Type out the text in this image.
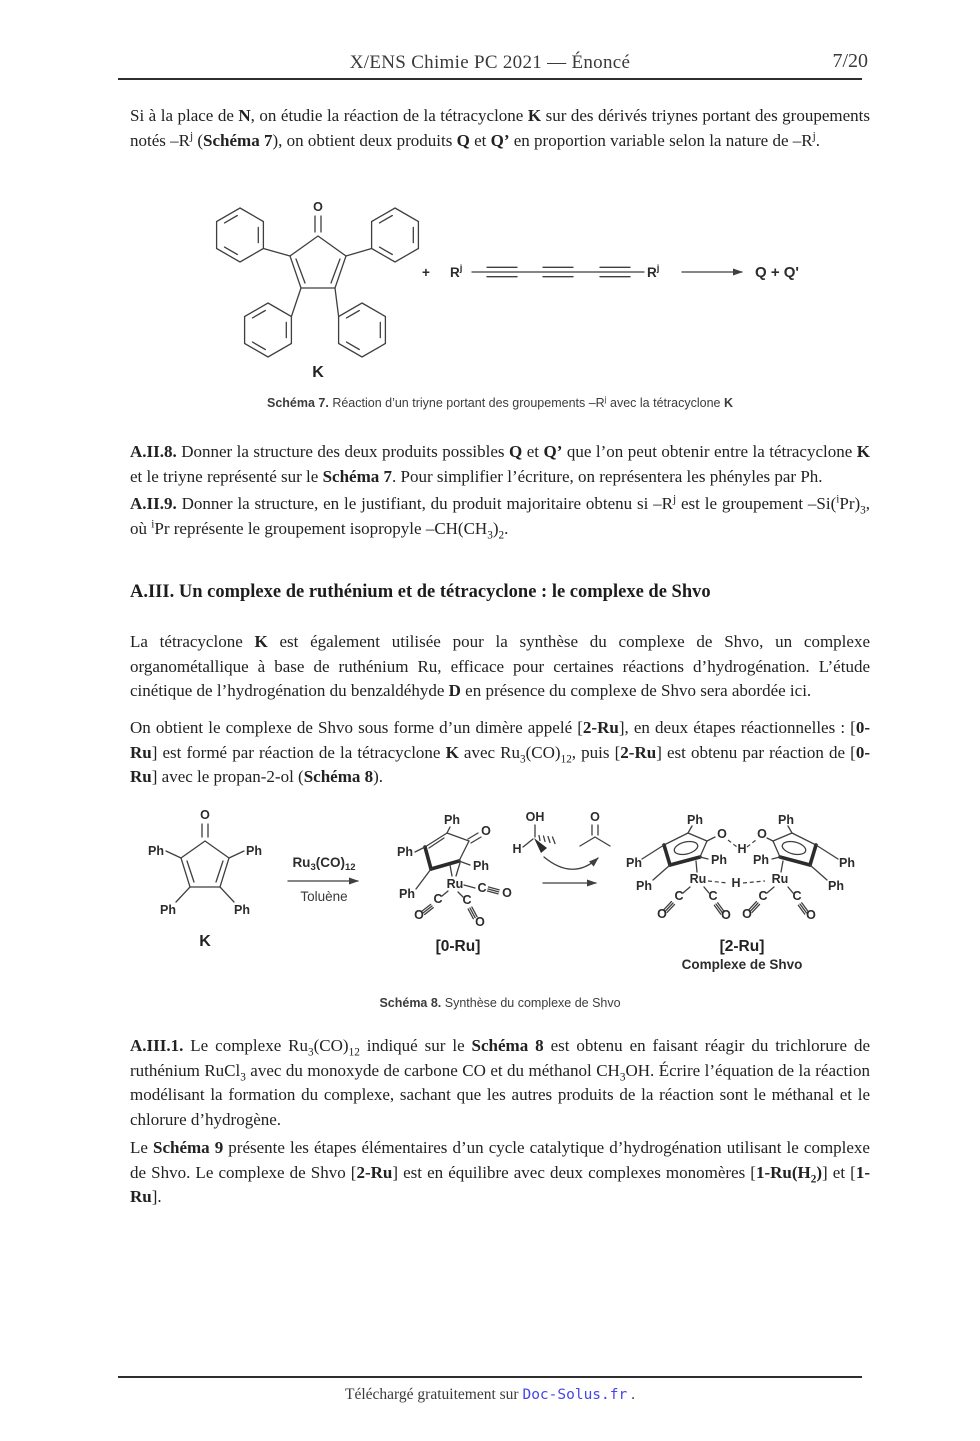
X/ENS Chimie PC 2021 — Énoncé	7/20
Si à la place de N, on étudie la réaction de la tétracyclone K sur des dérivés triynes portant des groupements notés $-R^j$ (Schéma 7), on obtient deux produits Q et Q’ en proportion variable selon la nature de $-R^j$.
O
K
+ $R^j$	$R^j$	Q + Q'
Schéma 7. Réaction d’un triyne portant des groupements $-R^j$ avec la tétracyclone K
A.II.8. Donner la structure des deux produits possibles Q et Q’ que l’on peut obtenir entre la tétracyclone K et le triyne représenté sur le Schéma 7. Pour simplifier l’écriture, on représentera les phényles par Ph.
A.II.9. Donner la structure, en le justifiant, du produit majoritaire obtenu si $-R^j$ est le groupement $-Si(^iPr)_3$, où $^i$Pr représente le groupement isopropyle $-CH(CH_3)_2$.
A.III. Un complexe de ruthénium et de tétracyclone : le complexe de Shvo
La tétracyclone K est également utilisée pour la synthèse du complexe de Shvo, un complexe organométallique à base de ruthénium Ru, efficace pour certaines réactions d’hydrogénation. L’étude cinétique de l’hydrogénation du benzaldéhyde D en présence du complexe de Shvo sera abordée ici.
On obtient le complexe de Shvo sous forme d’un dimère appelé [2-Ru], en deux étapes réactionnelles : [0-Ru] est formé par réaction de la tétracyclone K avec $Ru_3(CO)_{12}$, puis [2-Ru] est obtenu par réaction de [0-Ru] avec le propan-2-ol (Schéma 8).
O
Ph	Ph
Ph	Ph
K
$Ru_3(CO)_{12}$
Toluène
O
Ph
Ph
Ph
Ph
Ru C O
C
O
C
O
[0-Ru]
OH
H
O	Ph
Ph
Ph
Ph
O
H
O
Ph
Ph
Ph
Ph
Ru H Ru
C
O
C
O
C
O
C
O
[2-Ru]
Complexe de Shvo
Schéma 8. Synthèse du complexe de Shvo
A.III.1. Le complexe $Ru_3(CO)_{12}$ indiqué sur le Schéma 8 est obtenu en faisant réagir du trichlorure de ruthénium RuCl$_3$ avec du monoxyde de carbone CO et du méthanol $CH_3OH$. Écrire l’équation de la réaction modélisant la formation du complexe, sachant que les autres produits de la réaction sont le méthanal et le chlorure d’hydrogène.
Le Schéma 9 présente les étapes élémentaires d’un cycle catalytique d’hydrogénation utilisant le complexe de Shvo. Le complexe de Shvo [2-Ru] est en équilibre avec deux complexes monomères $[1-Ru(H_2)]$ et [1-Ru].
Téléchargé gratuitement sur Doc-Solus.fr .
